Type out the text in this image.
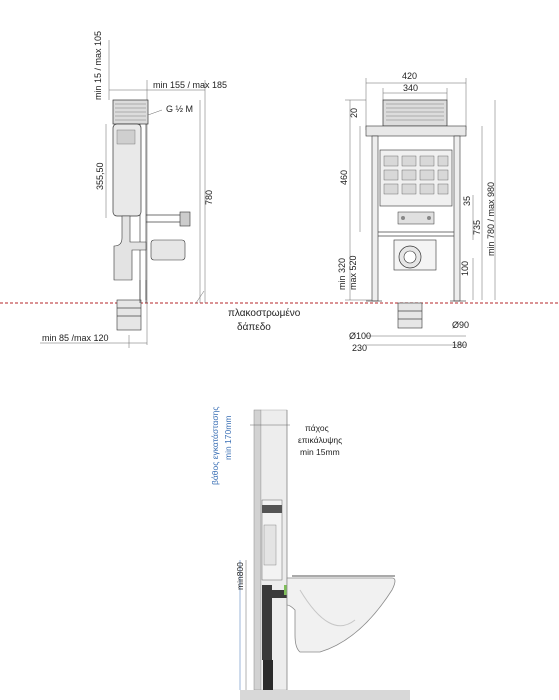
min 15 / max 105	min 155 / max 185
G ½ M
355,50
780
πλακοστρωμένο
δάπεδο
min 85 /max 120
420
340
20
460
min 320 max 520
35
735
100
min 780 / max 980
Ø100
Ø90
230	180
βάθος εγκατάστασης min 170mm	πάχος
επικάλυψης
min 15mm
min800
